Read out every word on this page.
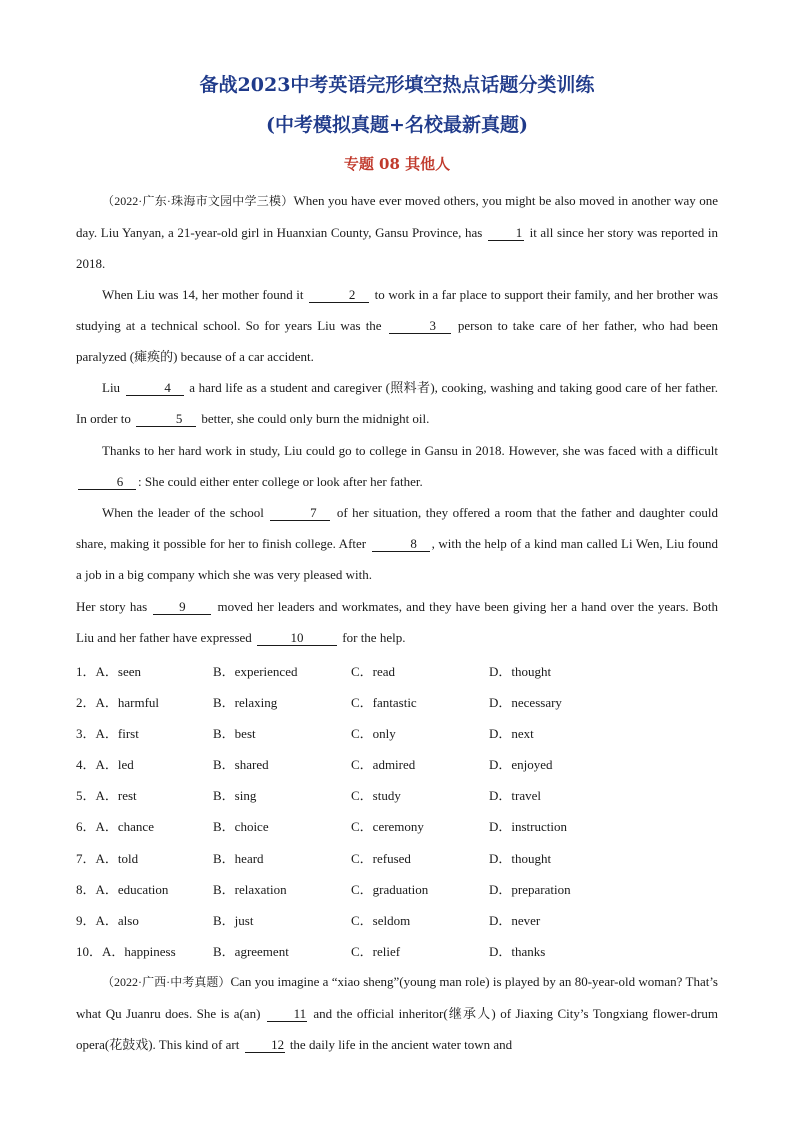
备战2023中考英语完形填空热点话题分类训练
(中考模拟真题+名校最新真题)
专题 08 其他人
（2022·广东·珠海市文园中学三模）When you have ever moved others, you might be also moved in another way one day. Liu Yanyan, a 21-year-old girl in Huanxian County, Gansu Province, has	1 it all since her story was reported in 2018.
When Liu was 14, her mother found it	2 to work in a far place to support their family, and her brother was studying at a technical school. So for years Liu was the	3 person to take care of her father, who had been paralyzed (瘫痪的) because of a car accident.
Liu	4 a hard life as a student and caregiver (照料者), cooking, washing and taking good care of her father. In order to	5 better, she could only burn the midnight oil.
Thanks to her hard work in study, Liu could go to college in Gansu in 2018. However, she was faced with a difficult 6 : She could either enter college or look after her father.
When the leader of the school	7 of her situation, they offered a room that the father and daughter could share, making it possible for her to finish college. After	8 , with the help of a kind man called Li Wen, Liu found a job in a big company which she was very pleased with.
Her story has 9 moved her leaders and workmates, and they have been giving her a hand over the years. Both Liu and her father have expressed	10	for the help.
1．A．seen	B．experienced	C．read	D．thought
2．A．harmful	B．relaxing	C．fantastic	D．necessary
3．A．first	B．best	C．only	D．next
4．A．led	B．shared	C．admired	D．enjoyed
5．A．rest	B．sing	C．study	D．travel
6．A．chance	B．choice	C．ceremony	D．instruction
7．A．told	B．heard	C．refused	D．thought
8．A．education	B．relaxation	C．graduation	D．preparation
9．A．also	B．just	C．seldom	D．never
10．A．happiness	B．agreement	C．relief	D．thanks
（2022·广西·中考真题）Can you imagine a “xiao sheng”(young man role) is played by an 80-year-old woman? That’s what Qu Juanru does. She is a(an)	11 and the official inheritor(继承人) of Jiaxing City’s Tongxiang flower-drum opera(花鼓戏). This kind of art 12 the daily life in the ancient water town and
